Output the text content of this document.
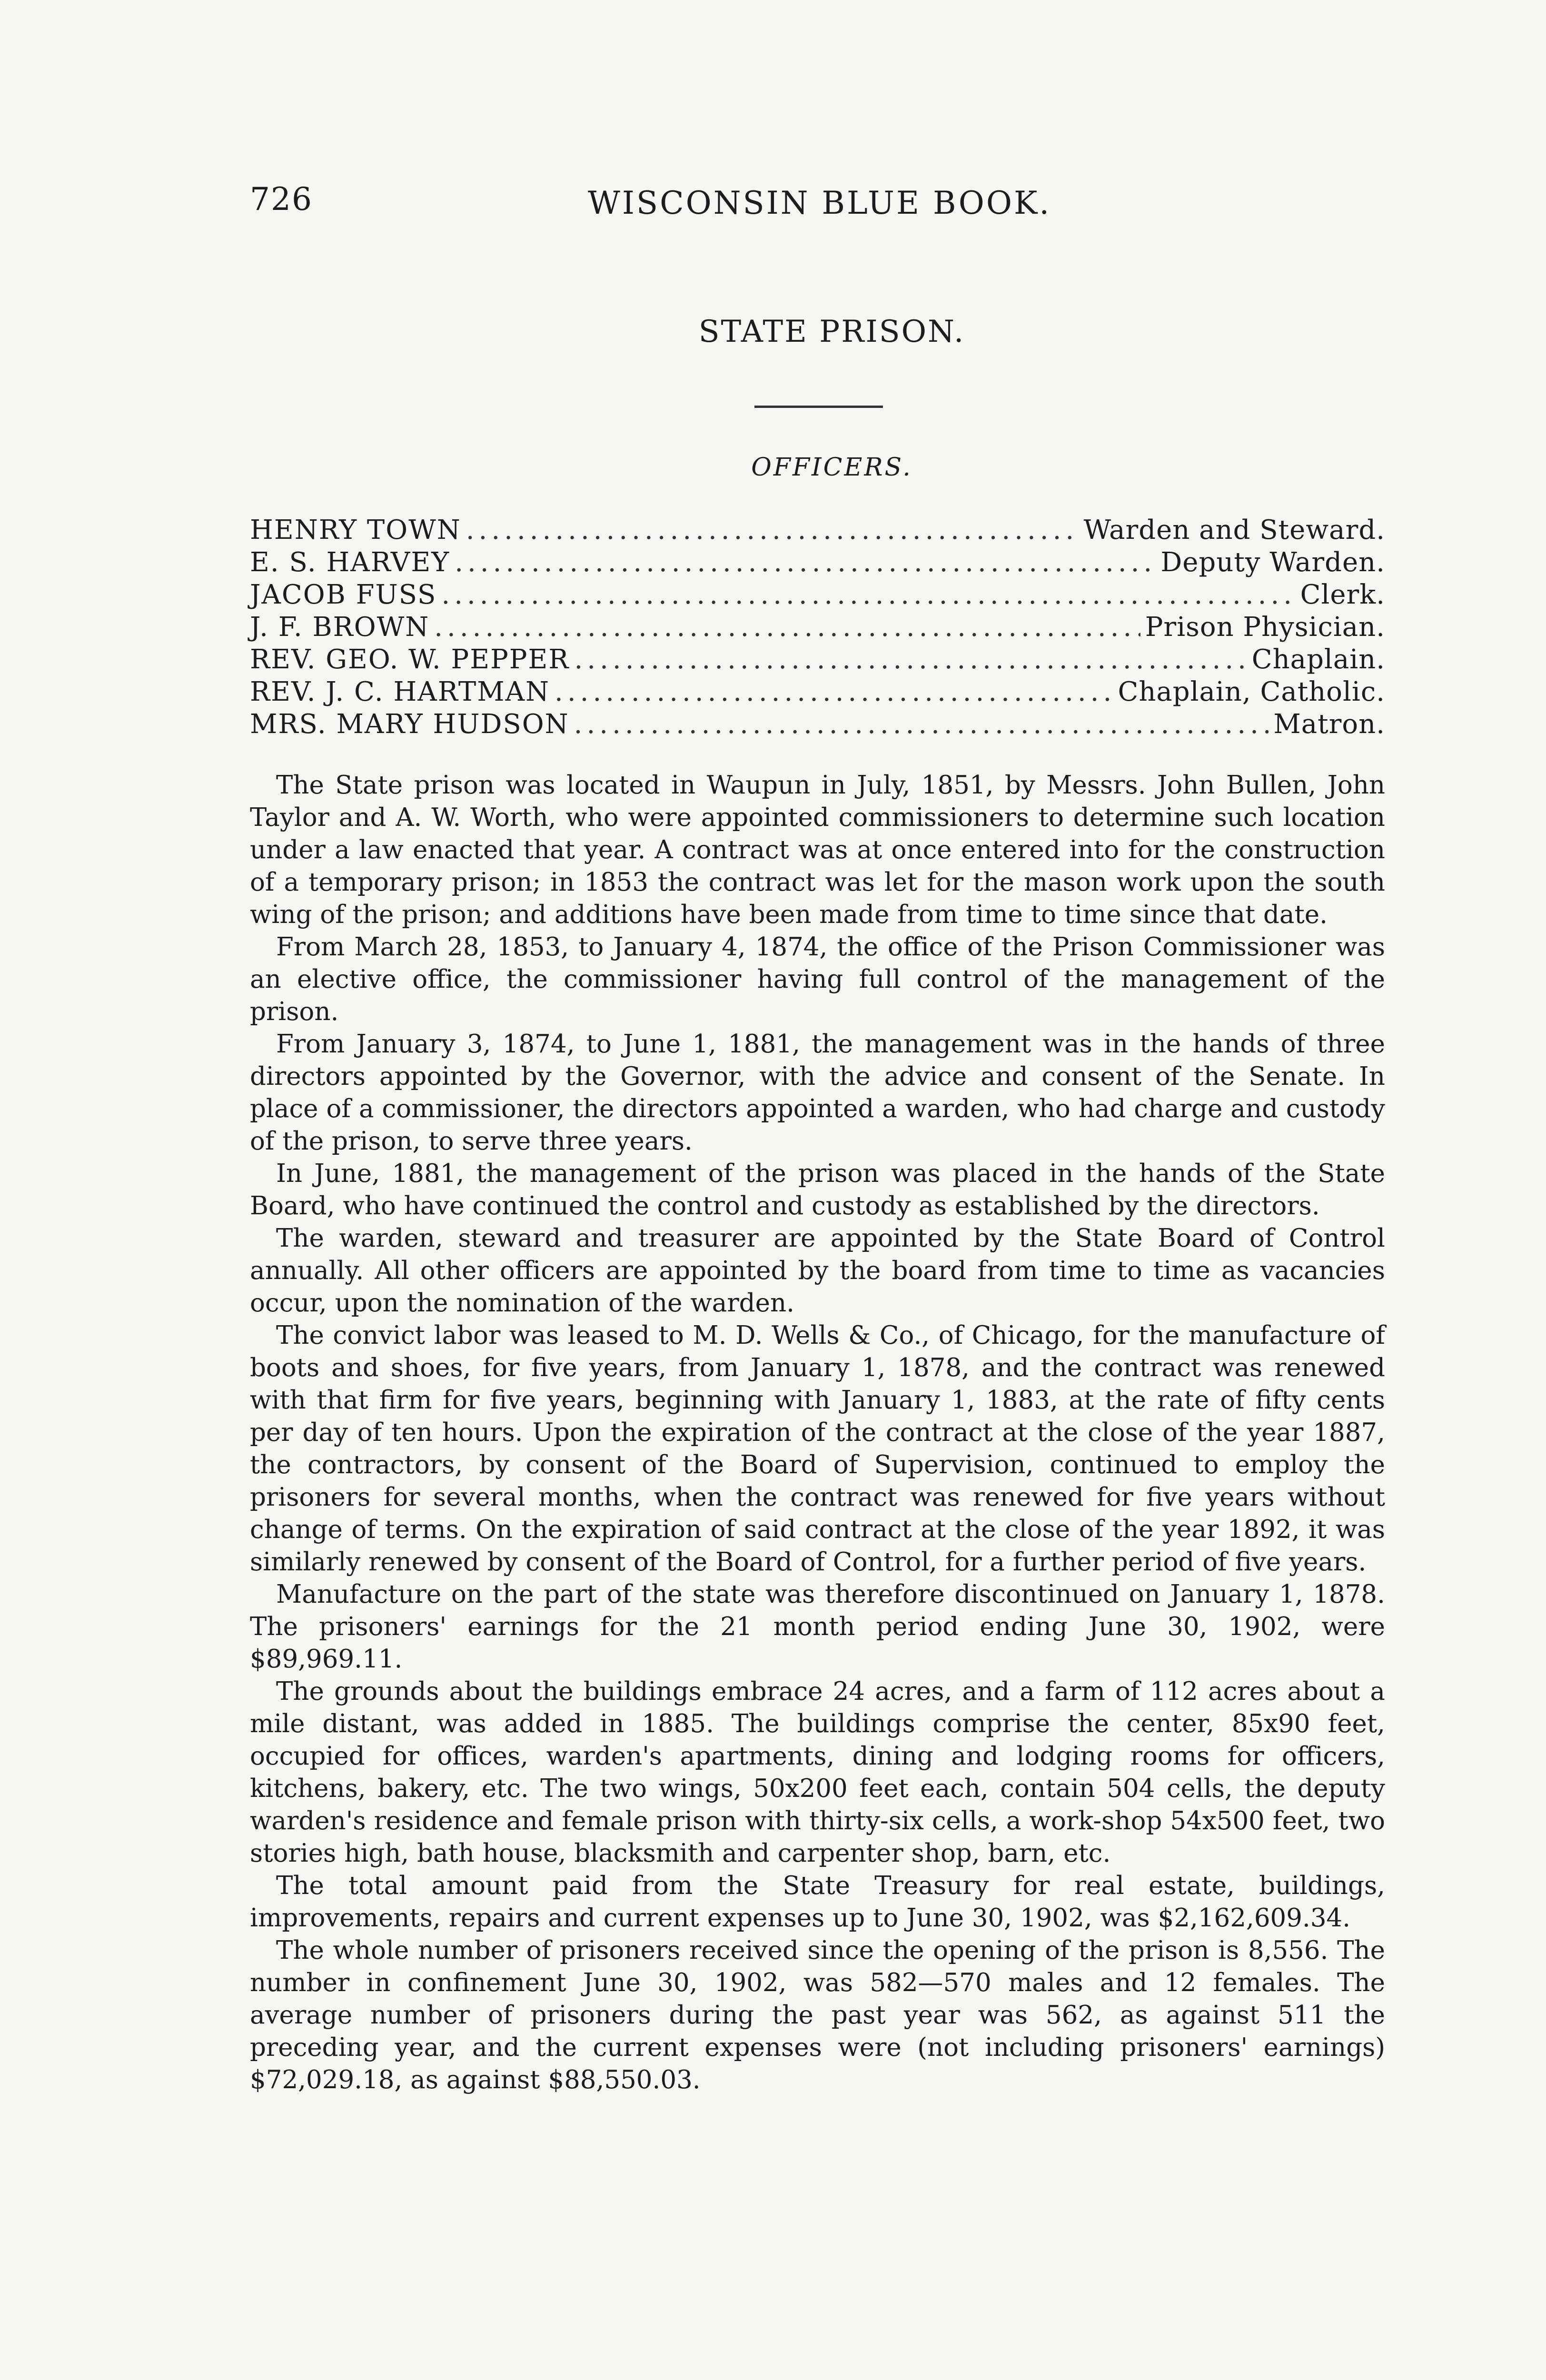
726	WISCONSIN BLUE BOOK.
STATE PRISON.
OFFICERS.
HENRY TOWN .....	Warden and Steward.
E. S. HARVEY .....	Deputy Warden.
JACOB FUSS .....	Clerk.
J. F. BROWN .....	Prison Physician.
REV. GEO. W. PEPPER .....	Chaplain.
REV. J. C. HARTMAN .....	Chaplain, Catholic.
MRS. MARY HUDSON .....	Matron.

The State prison was located in Waupun in July, 1851, by Messrs. John Bullen, John Taylor and A. W. Worth, who were appointed commissioners to determine such location under a law enacted that year. A contract was at once entered into for the construction of a temporary prison; in 1853 the contract was let for the mason work upon the south wing of the prison; and additions have been made from time to time since that date.

From March 28, 1853, to January 4, 1874, the office of the Prison Commissioner was an elective office, the commissioner having full control of the management of the prison.

From January 3, 1874, to June 1, 1881, the management was in the hands of three directors appointed by the Governor, with the advice and consent of the Senate. In place of a commissioner, the directors appointed a warden, who had charge and custody of the prison, to serve three years.

In June, 1881, the management of the prison was placed in the hands of the State Board, who have continued the control and custody as established by the directors.

The warden, steward and treasurer are appointed by the State Board of Control annually. All other officers are appointed by the board from time to time as vacancies occur, upon the nomination of the warden.

The convict labor was leased to M. D. Wells & Co., of Chicago, for the manufacture of boots and shoes, for five years, from January 1, 1878, and the contract was renewed with that firm for five years, beginning with January 1, 1883, at the rate of fifty cents per day of ten hours. Upon the expiration of the contract at the close of the year 1887, the contractors, by consent of the Board of Supervision, continued to employ the prisoners for several months, when the contract was renewed for five years without change of terms. On the expiration of said contract at the close of the year 1892, it was similarly renewed by consent of the Board of Control, for a further period of five years.

Manufacture on the part of the state was therefore discontinued on January 1, 1878. The prisoners' earnings for the 21 month period ending June 30, 1902, were $89,969.11.

The grounds about the buildings embrace 24 acres, and a farm of 112 acres about a mile distant, was added in 1885. The buildings comprise the center, 85x90 feet, occupied for offices, warden's apartments, dining and lodging rooms for officers, kitchens, bakery, etc. The two wings, 50x200 feet each, contain 504 cells, the deputy warden's residence and female prison with thirty-six cells, a work-shop 54x500 feet, two stories high, bath house, blacksmith and carpenter shop, barn, etc.

The total amount paid from the State Treasury for real estate, buildings, improvements, repairs and current expenses up to June 30, 1902, was $2,162,609.34.

The whole number of prisoners received since the opening of the prison is 8,556. The number in confinement June 30, 1902, was 582—570 males and 12 females. The average number of prisoners during the past year was 562, as against 511 the preceding year, and the current expenses were (not including prisoners' earnings) $72,029.18, as against $88,550.03.
